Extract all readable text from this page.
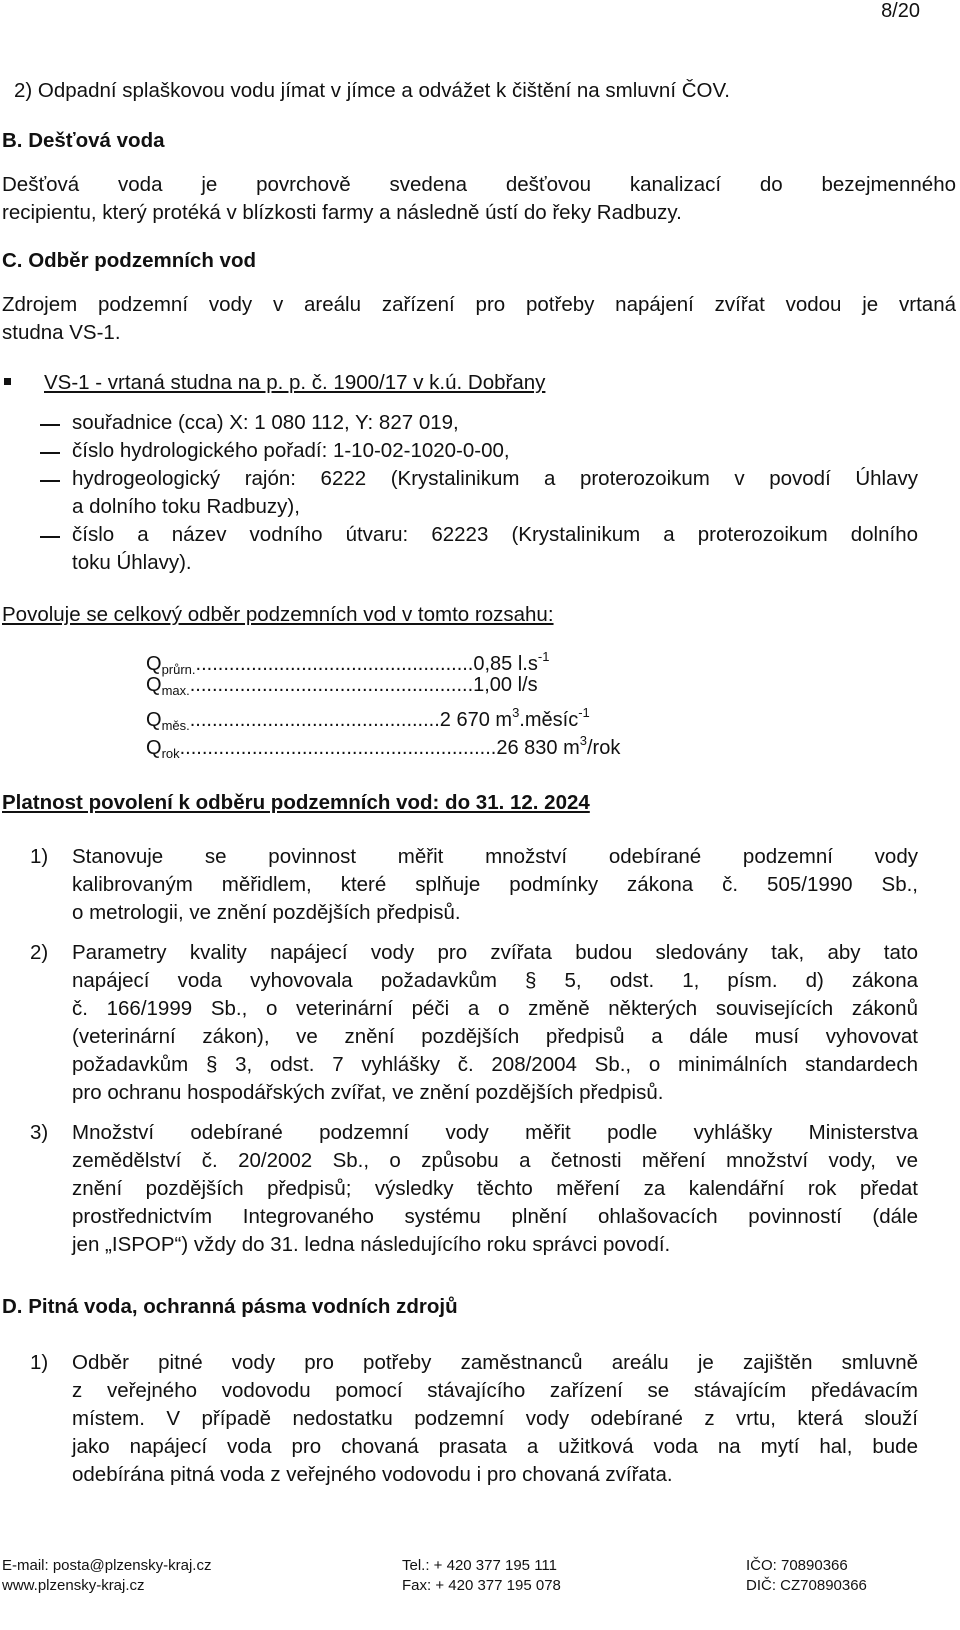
8/20
2) Odpadní splaškovou vodu jímat v jímce a odvážet k čištění na smluvní ČOV.
B. Dešťová voda
Dešťová voda je povrchově svedena dešťovou kanalizací do bezejmenného
recipientu, který protéká v blízkosti farmy a následně ústí do řeky Radbuzy.
C. Odběr podzemních vod
Zdrojem podzemní vody v areálu zařízení pro potřeby napájení zvířat vodou je vrtaná
studna VS-1.
VS-1 - vrtaná studna na p. p. č. 1900/17 v k.ú. Dobřany
souřadnice (cca) X: 1 080 112, Y: 827 019,
číslo hydrologického pořadí: 1-10-02-1020-0-00,
hydrogeologický rajón: 6222 (Krystalinikum a proterozoikum v povodí Úhlavy
a dolního toku Radbuzy),
číslo a název vodního útvaru: 62223 (Krystalinikum a proterozoikum dolního
toku Úhlavy).
Povoluje se celkový odběr podzemních vod v tomto rozsahu:
$Q_{průrn.}..................................................0,85$ $l.s^{-1}$
$Q_{max.}...................................................1,00$ l/s
$Q_{měs.}.............................................2$ 670 $m^3.měsíc^{-1}$
$Q_{rok}.........................................................26$ 830 $m^3$/rok
Platnost povolení k odběru podzemních vod: do 31. 12. 2024
1) Stanovuje se povinnost měřit množství odebírané podzemní vody
kalibrovaným měřidlem, které splňuje podmínky zákona č. 505/1990 Sb.,
o metrologii, ve znění pozdějších předpisů.
2) Parametry kvality napájecí vody pro zvířata budou sledovány tak, aby tato
napájecí voda vyhovovala požadavkům § 5, odst. 1, písm. d) zákona
č. 166/1999 Sb., o veterinární péči a o změně některých souvisejících zákonů
(veterinární zákon), ve znění pozdějších předpisů a dále musí vyhovovat
požadavkům § 3, odst. 7 vyhlášky č. 208/2004 Sb., o minimálních standardech
pro ochranu hospodářských zvířat, ve znění pozdějších předpisů.
3) Množství odebírané podzemní vody měřit podle vyhlášky Ministerstva
zemědělství č. 20/2002 Sb., o způsobu a četnosti měření množství vody, ve
znění pozdějších předpisů; výsledky těchto měření za kalendářní rok předat
prostřednictvím Integrovaného systému plnění ohlašovacích povinností (dále
jen „ISPOP“) vždy do 31. ledna následujícího roku správci povodí.
D. Pitná voda, ochranná pásma vodních zdrojů
1) Odběr pitné vody pro potřeby zaměstnanců areálu je zajištěn smluvně
z veřejného vodovodu pomocí stávajícího zařízení se stávajícím předávacím
místem. V případě nedostatku podzemní vody odebírané z vrtu, která slouží
jako napájecí voda pro chovaná prasata a užitková voda na mytí hal, bude
odebírána pitná voda z veřejného vodovodu i pro chovaná zvířata.
E-mail: posta@plzensky-kraj.cz
www.plzensky-kraj.cz
Tel.: + 420 377 195 111
Fax: + 420 377 195 078
IČO: 70890366
DIČ: CZ70890366
